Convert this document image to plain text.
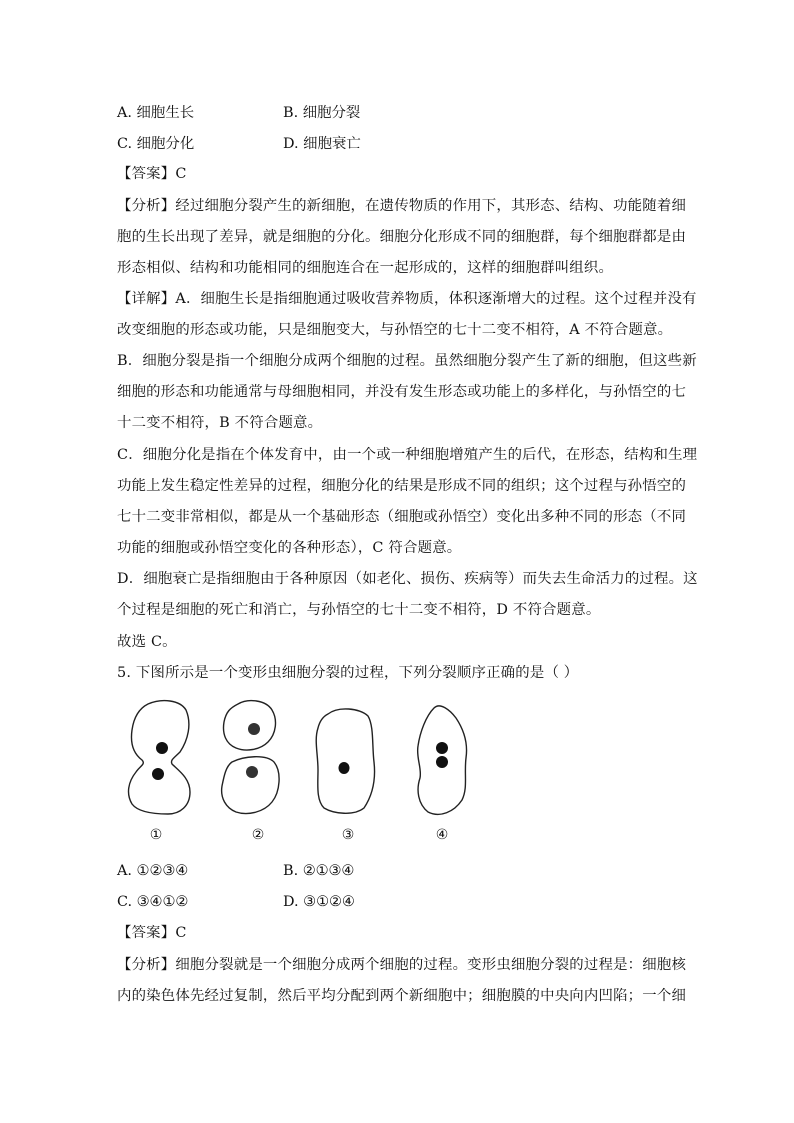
A. 细胞生长	B. 细胞分裂
C. 细胞分化	D. 细胞衰亡
【答案】C
【分析】经过细胞分裂产生的新细胞，在遗传物质的作用下，其形态、结构、功能随着细
胞的生长出现了差异，就是细胞的分化。细胞分化形成不同的细胞群，每个细胞群都是由
形态相似、结构和功能相同的细胞连合在一起形成的，这样的细胞群叫组织。
【详解】A．细胞生长是指细胞通过吸收营养物质，体积逐渐增大的过程。这个过程并没有
改变细胞的形态或功能，只是细胞变大，与孙悟空的七十二变不相符，A 不符合题意。
B．细胞分裂是指一个细胞分成两个细胞的过程。虽然细胞分裂产生了新的细胞，但这些新
细胞的形态和功能通常与母细胞相同，并没有发生形态或功能上的多样化，与孙悟空的七
十二变不相符，B 不符合题意。
C．细胞分化是指在个体发育中，由一个或一种细胞增殖产生的后代，在形态，结构和生理
功能上发生稳定性差异的过程，细胞分化的结果是形成不同的组织；这个过程与孙悟空的
七十二变非常相似，都是从一个基础形态（细胞或孙悟空）变化出多种不同的形态（不同
功能的细胞或孙悟空变化的各种形态），C 符合题意。
D．细胞衰亡是指细胞由于各种原因（如老化、损伤、疾病等）而失去生命活力的过程。这
个过程是细胞的死亡和消亡，与孙悟空的七十二变不相符，D 不符合题意。
故选 C。
5. 下图所示是一个变形虫细胞分裂的过程，下列分裂顺序正确的是（ ）
①	②	③	④
A. ①②③④	B. ②①③④
C. ③④①②	D. ③①②④
【答案】C
【分析】细胞分裂就是一个细胞分成两个细胞的过程。变形虫细胞分裂的过程是：细胞核
内的染色体先经过复制，然后平均分配到两个新细胞中；细胞膜的中央向内凹陷；一个细
